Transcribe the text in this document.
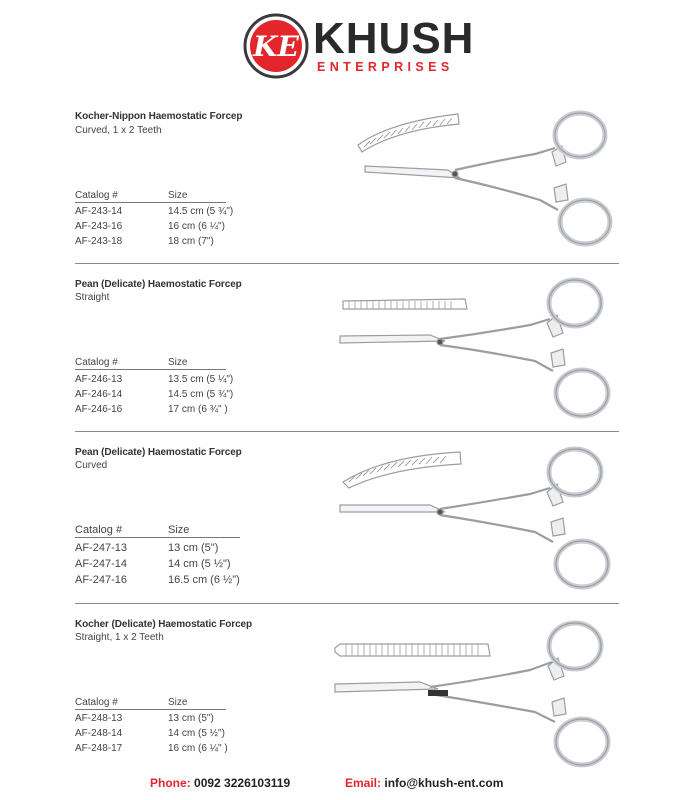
KE KHUSH
ENTERPRISES
Kocher-Nippon Haemostatic Forcep
Curved, 1 x 2 Teeth
Catalog #	Size
AF-243-14	14.5 cm (5 ¾")
AF-243-16	16 cm (6 ¼")
AF-243-18	18 cm (7")
Pean (Delicate) Haemostatic Forcep
Straight
Catalog #	Size
AF-246-13	13.5 cm (5 ¼")
AF-246-14	14.5 cm (5 ¾")
AF-246-16	17 cm (6 ¾" )
Pean (Delicate) Haemostatic Forcep
Curved
Catalog #	Size
AF-247-13	13 cm (5")
AF-247-14	14 cm (5 ½")
AF-247-16	16.5 cm (6 ½")
Kocher (Delicate) Haemostatic Forcep
Straight, 1 x 2 Teeth
Catalog #	Size
AF-248-13	13 cm (5")
AF-248-14	14 cm (5 ½")
AF-248-17	16 cm (6 ¼" )
Phone: 0092 3226103119	Email: info@khush-ent.com
